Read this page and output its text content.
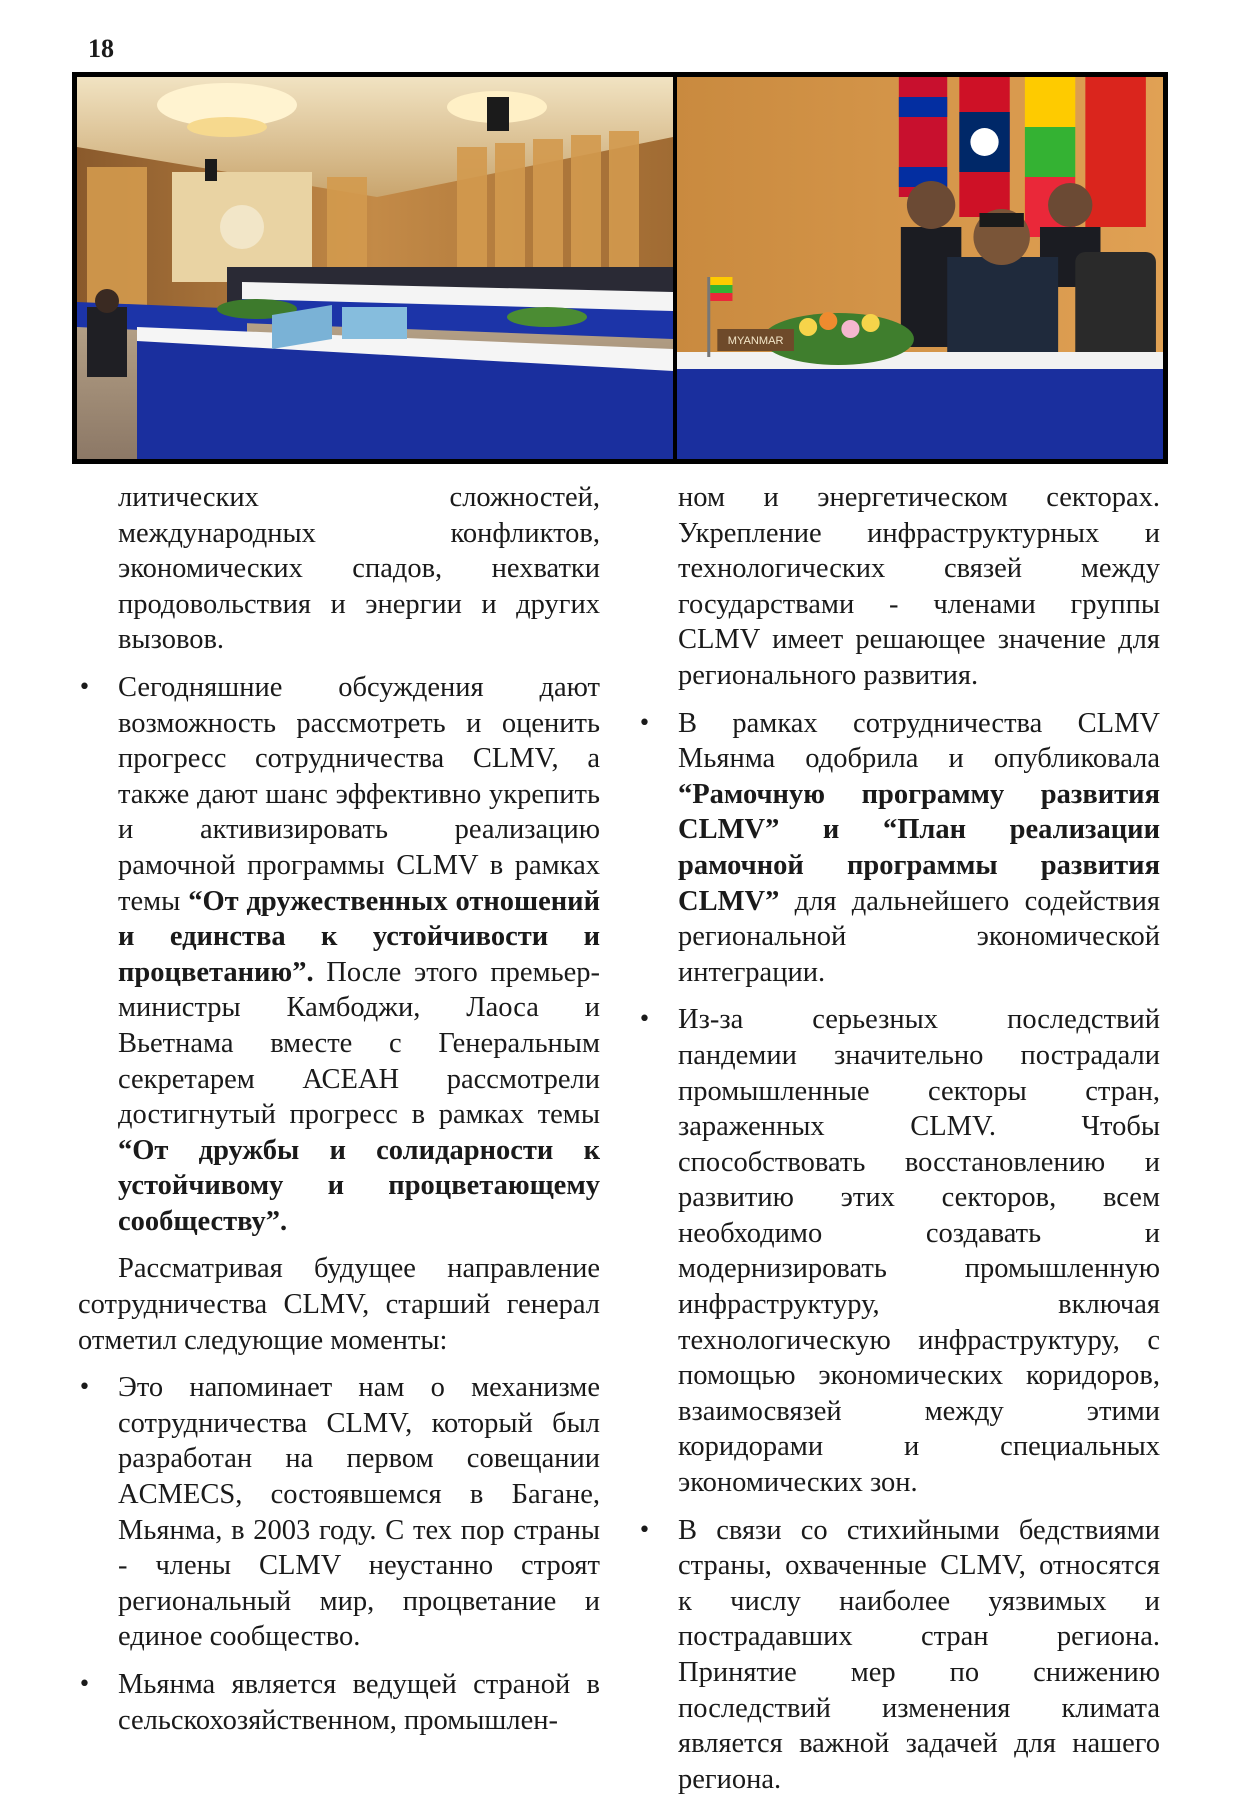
18
MYANMAR

литических сложностей, международных конфликтов, экономических спадов, нехватки продовольствия и энергии и других вызовов.

• Сегодняшние обсуждения дают возможность рассмотреть и оценить прогресс сотрудничества CLMV, а также дают шанс эффективно укрепить и активизировать реализацию рамочной программы CLMV в рамках темы “От дружественных отношений и единства к устойчивости и процветанию”. После этого премьер-министры Камбоджи, Лаоса и Вьетнама вместе с Генеральным секретарем АСЕАН рассмотрели достигнутый прогресс в рамках темы “От дружбы и солидарности к устойчивому и процветающему сообществу”.

Рассматривая будущее направление сотрудничества CLMV, старший генерал отметил следующие моменты:

• Это напоминает нам о механизме сотрудничества CLMV, который был разработан на первом совещании ACMECS, состоявшемся в Багане, Мьянма, в 2003 году. С тех пор страны - члены CLMV неустанно строят региональный мир, процветание и единое сообщество.
• Мьянма является ведущей страной в сельскохозяйственном, промышлен-

ном и энергетическом секторах. Укрепление инфраструктурных и технологических связей между государствами - членами группы CLMV имеет решающее значение для регионального развития.

• В рамках сотрудничества CLMV Мьянма одобрила и опубликовала “Рамочную программу развития CLMV” и “План реализации рамочной программы развития CLMV” для дальнейшего содействия региональной экономической интеграции.
• Из-за серьезных последствий пандемии значительно пострадали промышленные секторы стран, зараженных CLMV. Чтобы способствовать восстановлению и развитию этих секторов, всем необходимо создавать и модернизировать промышленную инфраструктуру, включая технологическую инфраструктуру, с помощью экономических коридоров, взаимосвязей между этими коридорами и специальных экономических зон.
• В связи со стихийными бедствиями страны, охваченные CLMV, относятся к числу наиболее уязвимых и пострадавших стран региона. Принятие мер по снижению последствий изменения климата является важной задачей для нашего региона.
